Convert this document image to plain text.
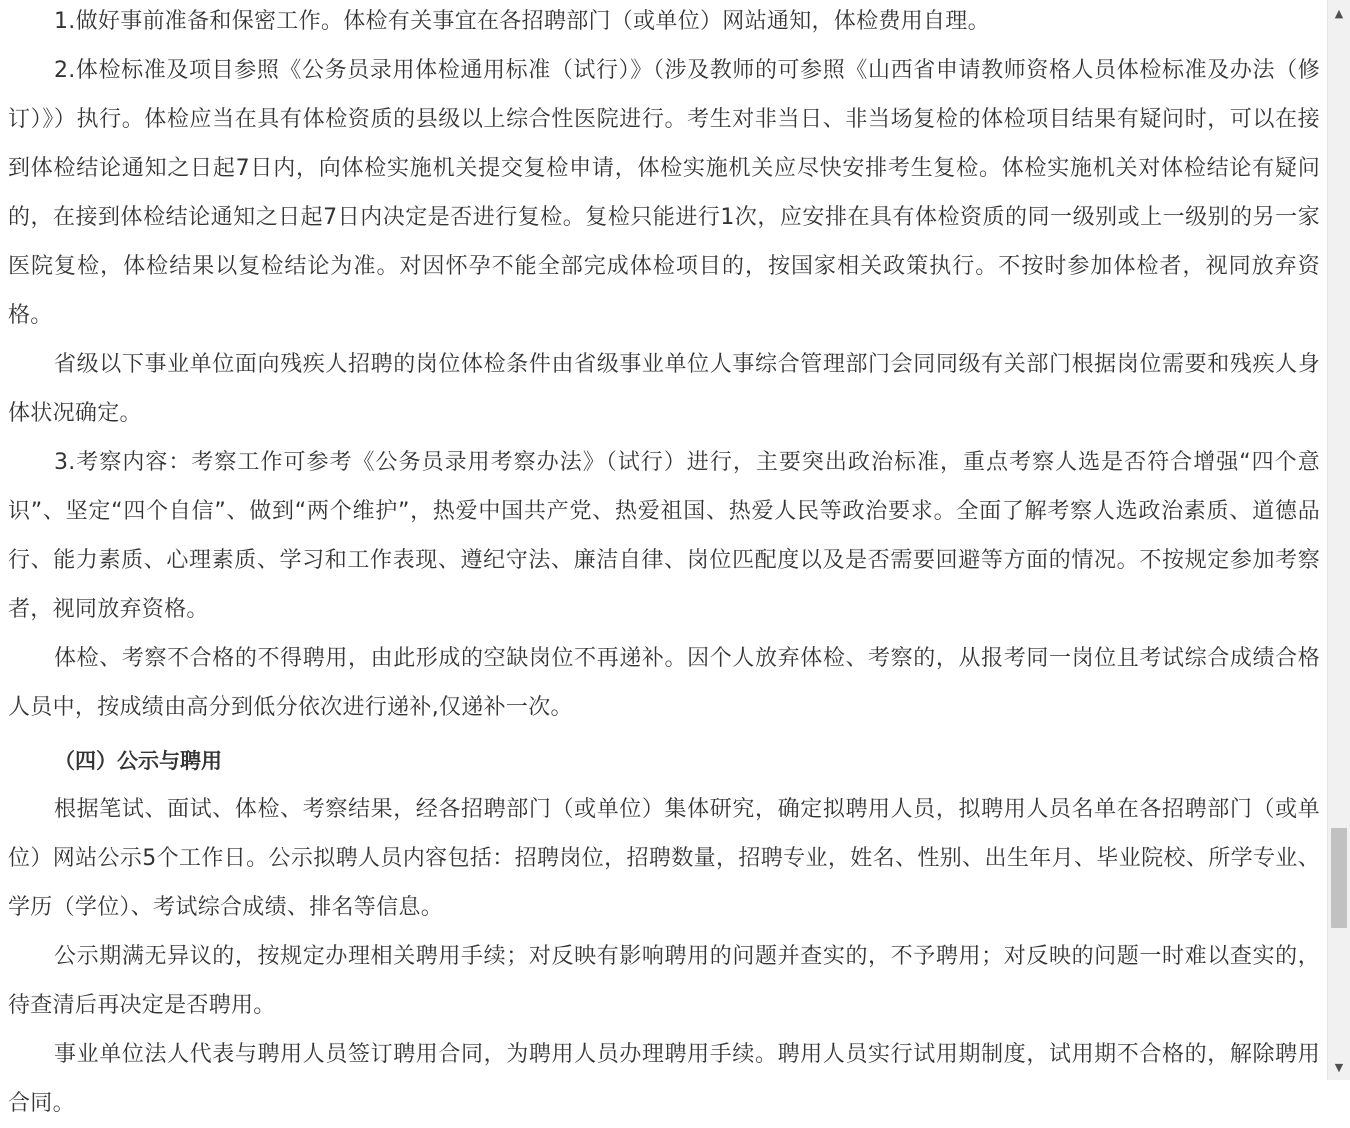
1.做好事前准备和保密工作。体检有关事宜在各招聘部门（或单位）网站通知，体检费用自理。

2.体检标准及项目参照《公务员录用体检通用标准（试行）》（涉及教师的可参照《山西省申请教师资格人员体检标准及办法（修订）》）执行。体检应当在具有体检资质的县级以上综合性医院进行。考生对非当日、非当场复检的体检项目结果有疑问时，可以在接到体检结论通知之日起7日内，向体检实施机关提交复检申请，体检实施机关应尽快安排考生复检。体检实施机关对体检结论有疑问的，在接到体检结论通知之日起7日内决定是否进行复检。复检只能进行1次，应安排在具有体检资质的同一级别或上一级别的另一家医院复检，体检结果以复检结论为准。对因怀孕不能全部完成体检项目的，按国家相关政策执行。不按时参加体检者，视同放弃资格。

省级以下事业单位面向残疾人招聘的岗位体检条件由省级事业单位人事综合管理部门会同同级有关部门根据岗位需要和残疾人身体状况确定。

3.考察内容：考察工作可参考《公务员录用考察办法》（试行）进行，主要突出政治标准，重点考察人选是否符合增强“四个意识”、坚定“四个自信”、做到“两个维护”，热爱中国共产党、热爱祖国、热爱人民等政治要求。全面了解考察人选政治素质、道德品行、能力素质、心理素质、学习和工作表现、遵纪守法、廉洁自律、岗位匹配度以及是否需要回避等方面的情况。不按规定参加考察者，视同放弃资格。

体检、考察不合格的不得聘用，由此形成的空缺岗位不再递补。因个人放弃体检、考察的，从报考同一岗位且考试综合成绩合格人员中，按成绩由高分到低分依次进行递补,仅递补一次。

（四）公示与聘用

根据笔试、面试、体检、考察结果，经各招聘部门（或单位）集体研究，确定拟聘用人员，拟聘用人员名单在各招聘部门（或单位）网站公示5个工作日。公示拟聘人员内容包括：招聘岗位，招聘数量，招聘专业，姓名、性别、出生年月、毕业院校、所学专业、学历（学位）、考试综合成绩、排名等信息。

公示期满无异议的，按规定办理相关聘用手续；对反映有影响聘用的问题并查实的，不予聘用；对反映的问题一时难以查实的，待查清后再决定是否聘用。

事业单位法人代表与聘用人员签订聘用合同，为聘用人员办理聘用手续。聘用人员实行试用期制度，试用期不合格的，解除聘用合同。

▲
▼
